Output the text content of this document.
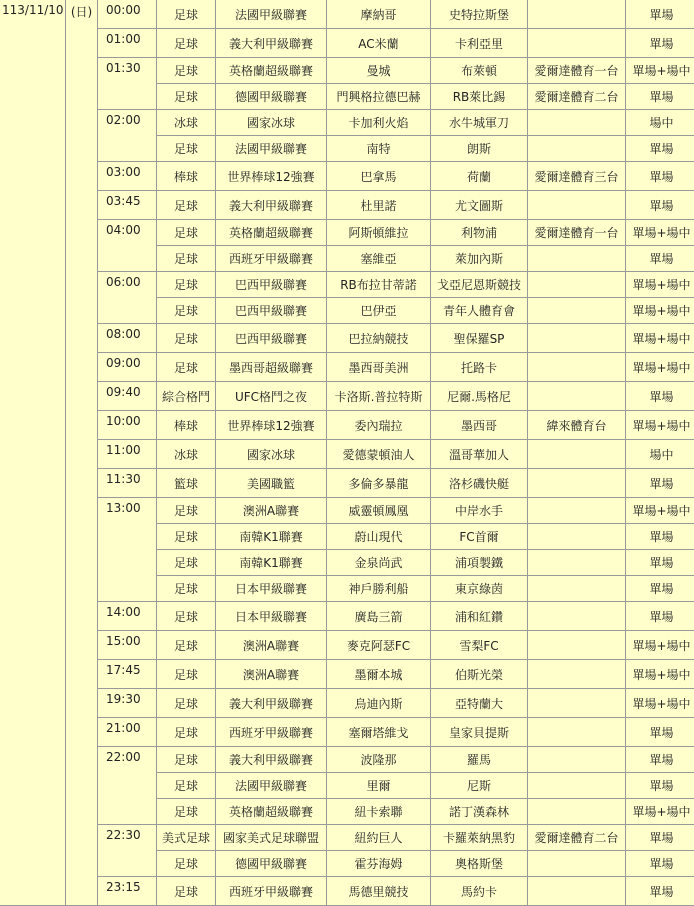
113/11/10	(日)	00:00	足球	法國甲級聯賽	摩納哥	史特拉斯堡		單場
		01:00	足球	義大利甲級聯賽	AC米蘭	卡利亞里		單場
		01:30	足球	英格蘭超級聯賽	曼城	布萊頓	愛爾達體育一台	單場+場中
			足球	德國甲級聯賽	門興格拉德巴赫	RB萊比錫	愛爾達體育二台	單場
		02:00	冰球	國家冰球	卡加利火焰	水牛城軍刀		場中
			足球	法國甲級聯賽	南特	朗斯		單場
		03:00	棒球	世界棒球12強賽	巴拿馬	荷蘭	愛爾達體育三台	單場
		03:45	足球	義大利甲級聯賽	杜里諾	尤文圖斯		單場
		04:00	足球	英格蘭超級聯賽	阿斯頓維拉	利物浦	愛爾達體育一台	單場+場中
			足球	西班牙甲級聯賽	塞維亞	萊加內斯		單場
		06:00	足球	巴西甲級聯賽	RB布拉甘蒂諾	戈亞尼恩斯競技		單場+場中
			足球	巴西甲級聯賽	巴伊亞	青年人體育會		單場+場中
		08:00	足球	巴西甲級聯賽	巴拉納競技	聖保羅SP		單場+場中
		09:00	足球	墨西哥超級聯賽	墨西哥美洲	托路卡		單場+場中
		09:40	綜合格鬥	UFC格鬥之夜	卡洛斯.普拉特斯	尼爾.馬格尼		單場
		10:00	棒球	世界棒球12強賽	委內瑞拉	墨西哥	緯來體育台	單場+場中
		11:00	冰球	國家冰球	愛德蒙頓油人	溫哥華加人		場中
		11:30	籃球	美國職籃	多倫多暴龍	洛杉磯快艇		單場
		13:00	足球	澳洲A聯賽	威靈頓鳳凰	中岸水手		單場+場中
			足球	南韓K1聯賽	蔚山現代	FC首爾		單場
			足球	南韓K1聯賽	金泉尚武	浦項製鐵		單場
			足球	日本甲級聯賽	神戶勝利船	東京綠茵		單場
		14:00	足球	日本甲級聯賽	廣島三箭	浦和紅鑽		單場
		15:00	足球	澳洲A聯賽	麥克阿瑟FC	雪梨FC		單場+場中
		17:45	足球	澳洲A聯賽	墨爾本城	伯斯光榮		單場+場中
		19:30	足球	義大利甲級聯賽	烏迪內斯	亞特蘭大		單場+場中
		21:00	足球	西班牙甲級聯賽	塞爾塔維戈	皇家貝提斯		單場
		22:00	足球	義大利甲級聯賽	波隆那	羅馬		單場
			足球	法國甲級聯賽	里爾	尼斯		單場
			足球	英格蘭超級聯賽	紐卡索聯	諾丁漢森林		單場+場中
		22:30	美式足球	國家美式足球聯盟	紐約巨人	卡羅萊納黑豹	愛爾達體育二台	單場
			足球	德國甲級聯賽	霍芬海姆	奧格斯堡		單場
		23:15	足球	西班牙甲級聯賽	馬德里競技	馬約卡		單場
